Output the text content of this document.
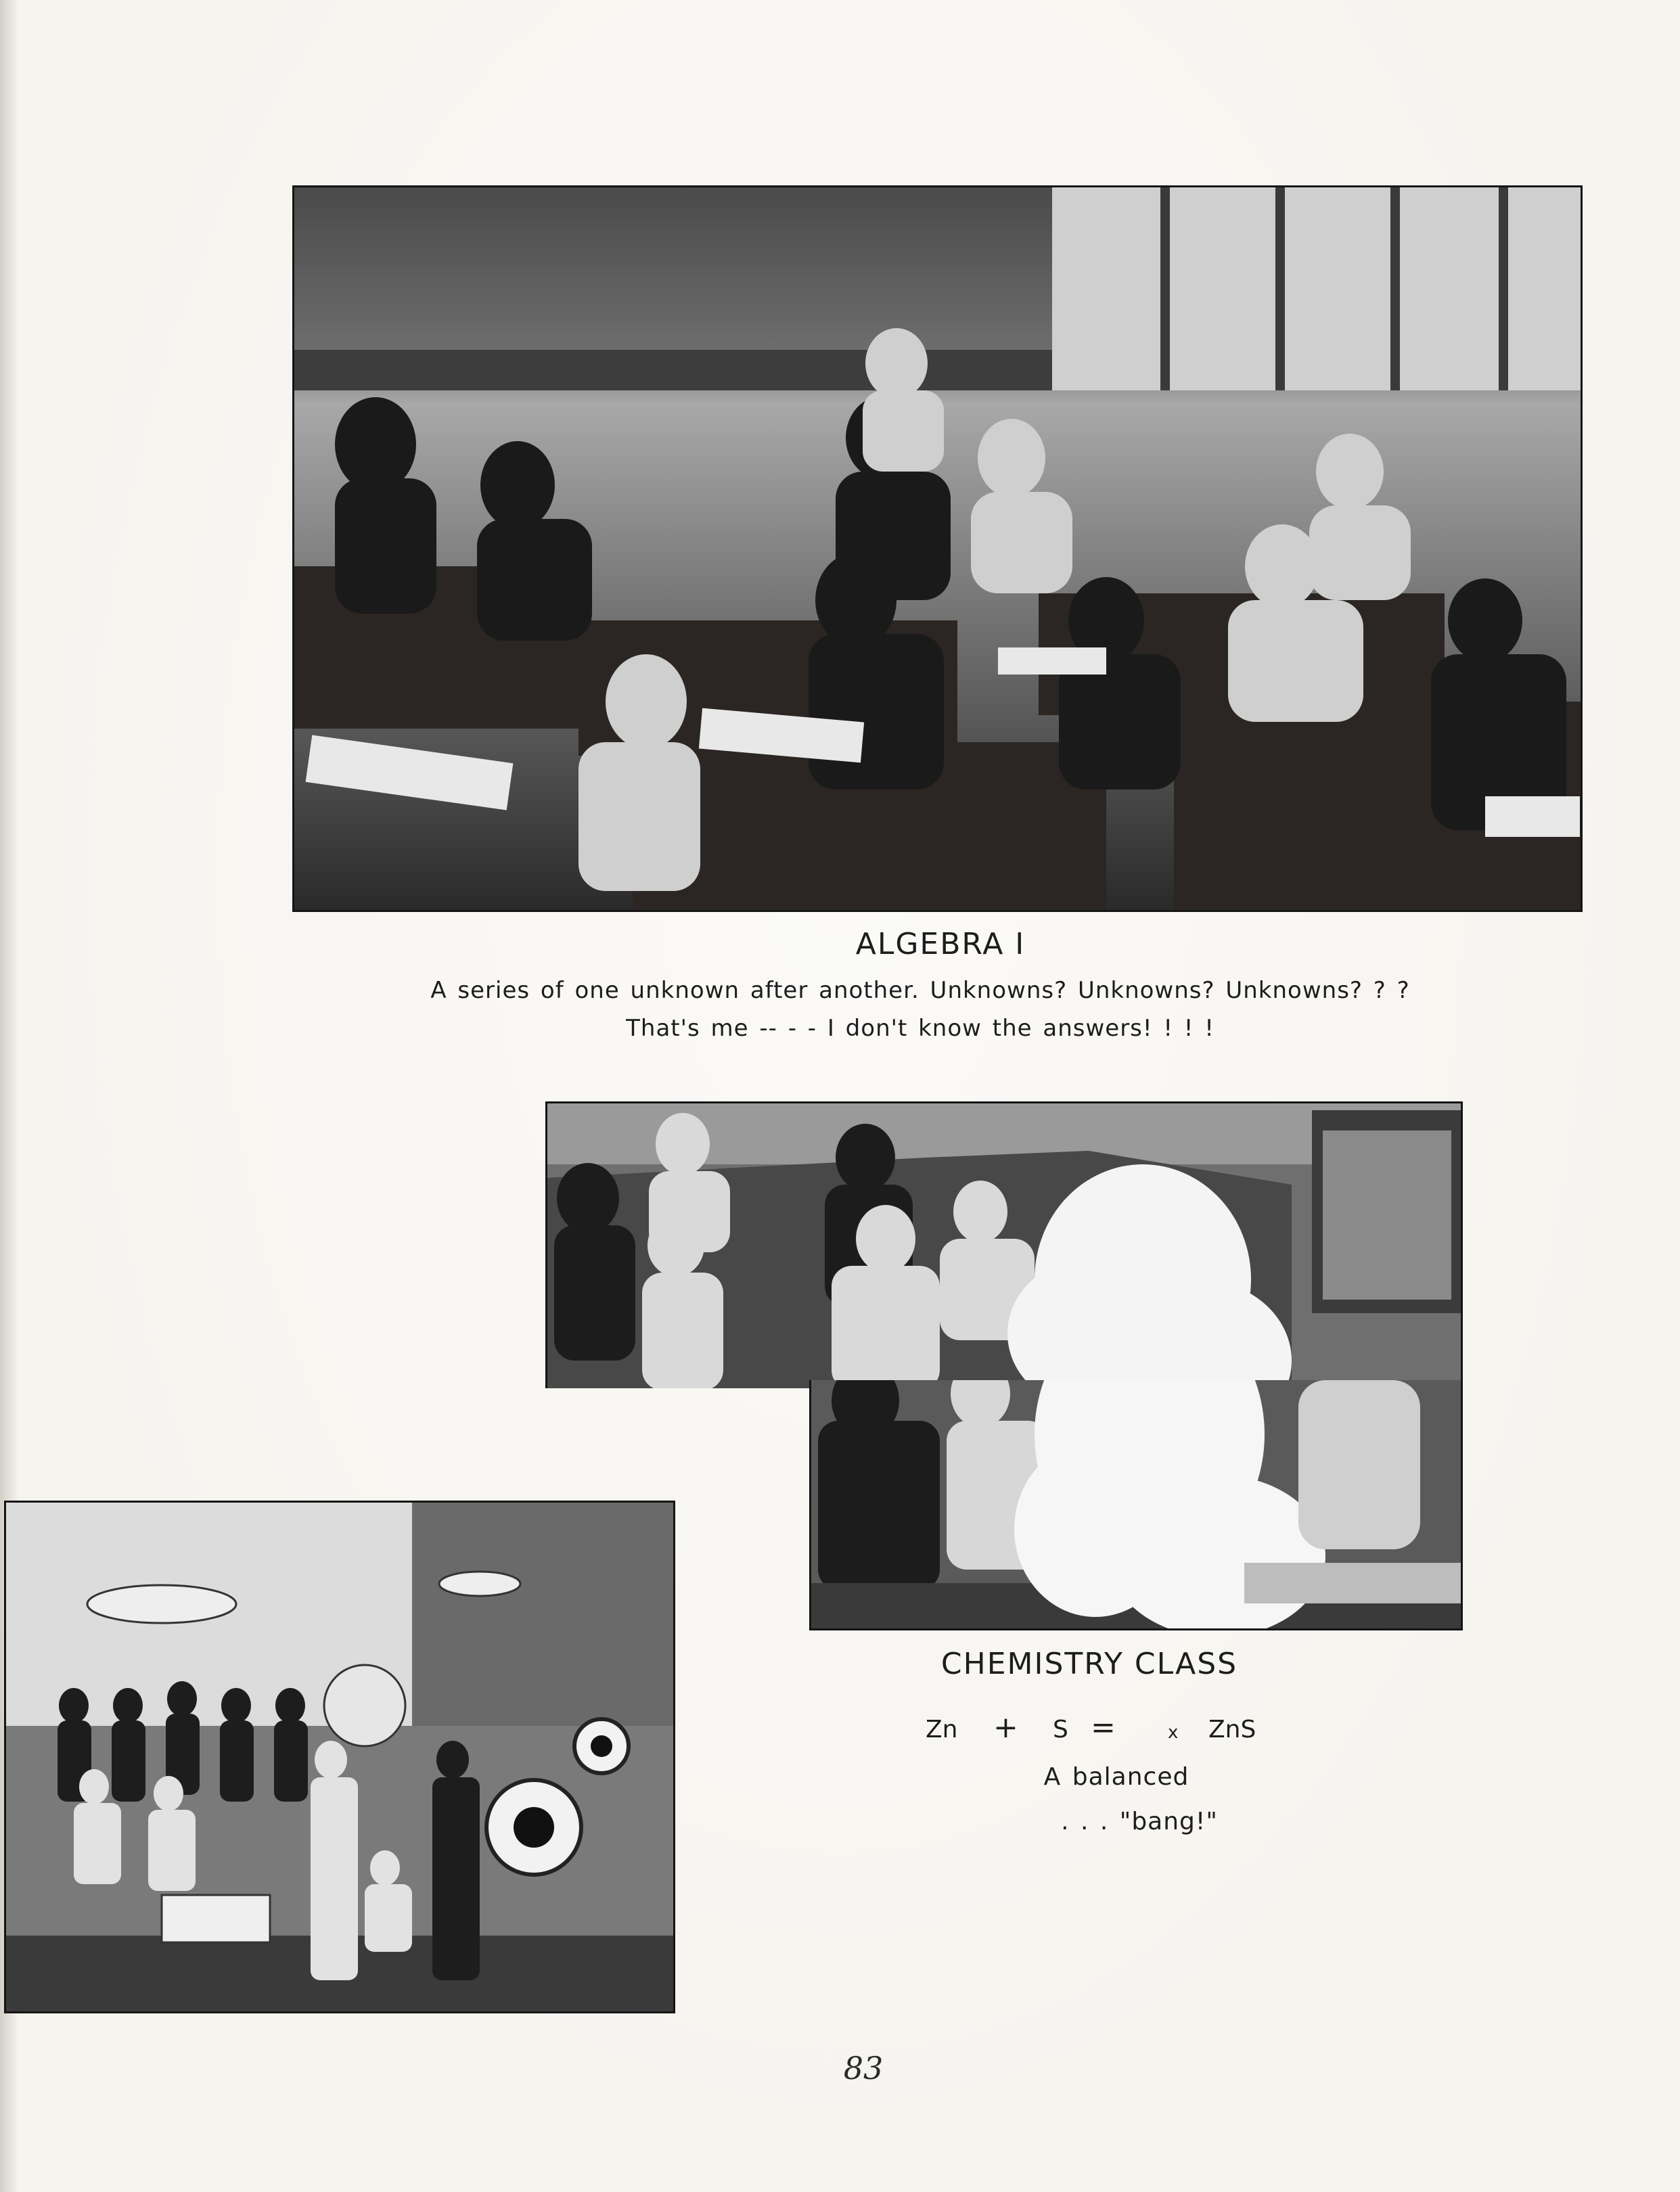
ALGEBRA I
A series of one unknown after another. Unknowns? Unknowns? Unknowns? ? ?
That's me -- - - I don't know the answers! ! ! !
CHEMISTRY CLASS
Zn + S =	x ZnS
A balanced
. . . "bang!"
83
